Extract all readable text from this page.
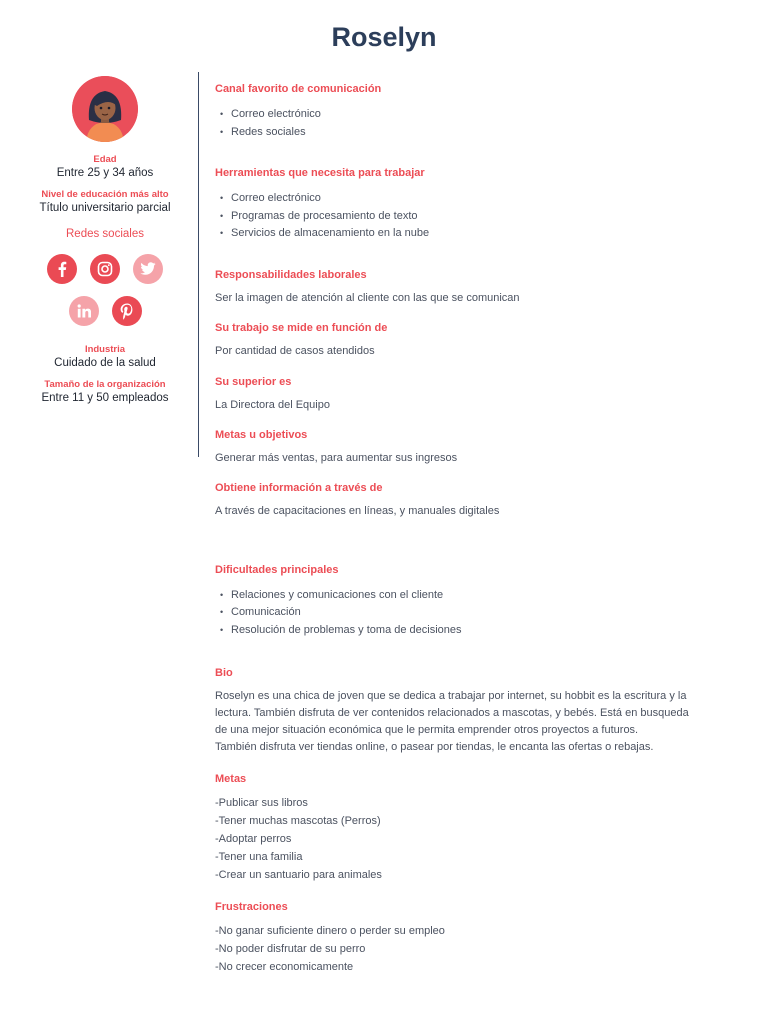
Roselyn
Edad
Entre 25 y 34 años
Nivel de educación más alto
Título universitario parcial
Redes sociales
Industria
Cuidado de la salud
Tamaño de la organización
Entre 11 y 50 empleados
Canal favorito de comunicación
• Correo electrónico
• Redes sociales
Herramientas que necesita para trabajar
• Correo electrónico
• Programas de procesamiento de texto
• Servicios de almacenamiento en la nube
Responsabilidades laborales

Ser la imagen de atención al cliente con las que se comunican

Su trabajo se mide en función de

Por cantidad de casos atendidos

Su superior es

La Directora del Equipo

Metas u objetivos

Generar más ventas, para aumentar sus ingresos

Obtiene información a través de

A través de capacitaciones en líneas, y manuales digitales

Dificultades principales
• Relaciones y comunicaciones con el cliente
• Comunicación
• Resolución de problemas y toma de decisiones
Bio

Roselyn es una chica de joven que se dedica a trabajar por internet, su hobbit es la escritura y la

lectura. También disfruta de ver contenidos relacionados a mascotas, y bebés. Está en busqueda

de una mejor situación económica que le permita emprender otros proyectos a futuros.

También disfruta ver tiendas online, o pasear por tiendas, le encanta las ofertas o rebajas.

Metas

-Publicar sus libros

-Tener muchas mascotas (Perros)

-Adoptar perros

-Tener una familia

-Crear un santuario para animales

Frustraciones

-No ganar suficiente dinero o perder su empleo

-No poder disfrutar de su perro

-No crecer economicamente
